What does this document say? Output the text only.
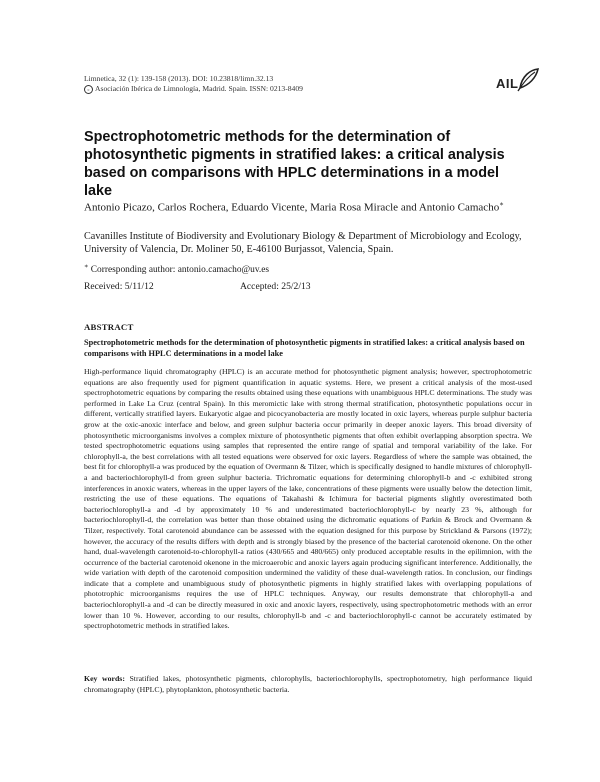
Limnetica, 32 (1): 139-158 (2013). DOI: 10.23818/limn.32.13
c Asociación Ibérica de Limnología, Madrid. Spain. ISSN: 0213-8409	AIL
Spectrophotometric methods for the determination of photosynthetic pigments in stratified lakes: a critical analysis based on comparisons with HPLC determinations in a model lake
Antonio Picazo, Carlos Rochera, Eduardo Vicente, Maria Rosa Miracle and Antonio Camacho∗
Cavanilles Institute of Biodiversity and Evolutionary Biology & Department of Microbiology and Ecology, University of Valencia, Dr. Moliner 50, E-46100 Burjassot, Valencia, Spain.
∗ Corresponding author: antonio.camacho@uv.es
Received: 5/11/12	Accepted: 25/2/13
ABSTRACT
Spectrophotometric methods for the determination of photosynthetic pigments in stratified lakes: a critical analysis based on comparisons with HPLC determinations in a model lake

High-performance liquid chromatography (HPLC) is an accurate method for photosynthetic pigment analysis; however, spectrophotometric equations are also frequently used for pigment quantification in aquatic systems. Here, we present a critical analysis of the most-used spectrophotometric equations by comparing the results obtained using these equations with unambiguous HPLC determinations. The study was performed in Lake La Cruz (central Spain). In this meromictic lake with strong thermal stratification, photosynthetic populations occur in different, vertically stratified layers. Eukaryotic algae and picocyanobacteria are mostly located in oxic layers, whereas purple sulphur bacteria grow at the oxic-anoxic interface and below, and green sulphur bacteria occur primarily in deeper anoxic layers. This broad diversity of photosynthetic microorganisms involves a complex mixture of photosynthetic pigments that often exhibit overlapping absorption spectra. We tested spectrophotometric equations using samples that represented the entire range of spatial and temporal variability of the lake. For chlorophyll-a, the best correlations with all tested equations were observed for oxic layers. Regardless of where the sample was obtained, the best fit for chlorophyll-a was produced by the equation of Overmann & Tilzer, which is specifically designed to handle mixtures of chlorophyll-a and bacteriochlorophyll-d from green sulphur bacteria. Trichromatic equations for determining chlorophyll-b and -c exhibited strong interferences in anoxic waters, whereas in the upper layers of the lake, concentrations of these pigments were usually below the detection limit, restricting the use of these equations. The equations of Takahashi & Ichimura for bacterial pigments slightly overestimated both bacteriochlorophyll-a and -d by approximately 10 % and underestimated bacteriochlorophyll-c by nearly 23 %, although for bacteriochlorophyll-d, the correlation was better than those obtained using the dichromatic equations of Parkin & Brock and Overmann & Tilzer, respectively. Total carotenoid abundance can be assessed with the equation designed for this purpose by Strickland & Parsons (1972); however, the accuracy of the results differs with depth and is strongly biased by the presence of the bacterial carotenoid okenone. On the other hand, dual-wavelength carotenoid-to-chlorophyll-a ratios (430/665 and 480/665) only produced acceptable results in the epilimnion, with the occurrence of the bacterial carotenoid okenone in the microaerobic and anoxic layers again producing significant interference. Additionally, the wide variation with depth of the carotenoid composition undermined the validity of these dual-wavelength ratios. In conclusion, our findings indicate that a complete and unambiguous study of photosynthetic pigments in highly stratified lakes with overlapping populations of phototrophic microorganisms requires the use of HPLC techniques. Anyway, our results demonstrate that chlorophyll-a and bacteriochlorophyll-a and -d can be directly measured in oxic and anoxic layers, respectively, using spectrophotometric methods with an error lower than 10 %. However, according to our results, chlorophyll-b and -c and bacteriochlorophyll-c cannot be accurately estimated by spectrophotometric methods in stratified lakes.

Key words: Stratified lakes, photosynthetic pigments, chlorophylls, bacteriochlorophylls, spectrophotometry, high performance liquid chromatography (HPLC), phytoplankton, photosynthetic bacteria.
